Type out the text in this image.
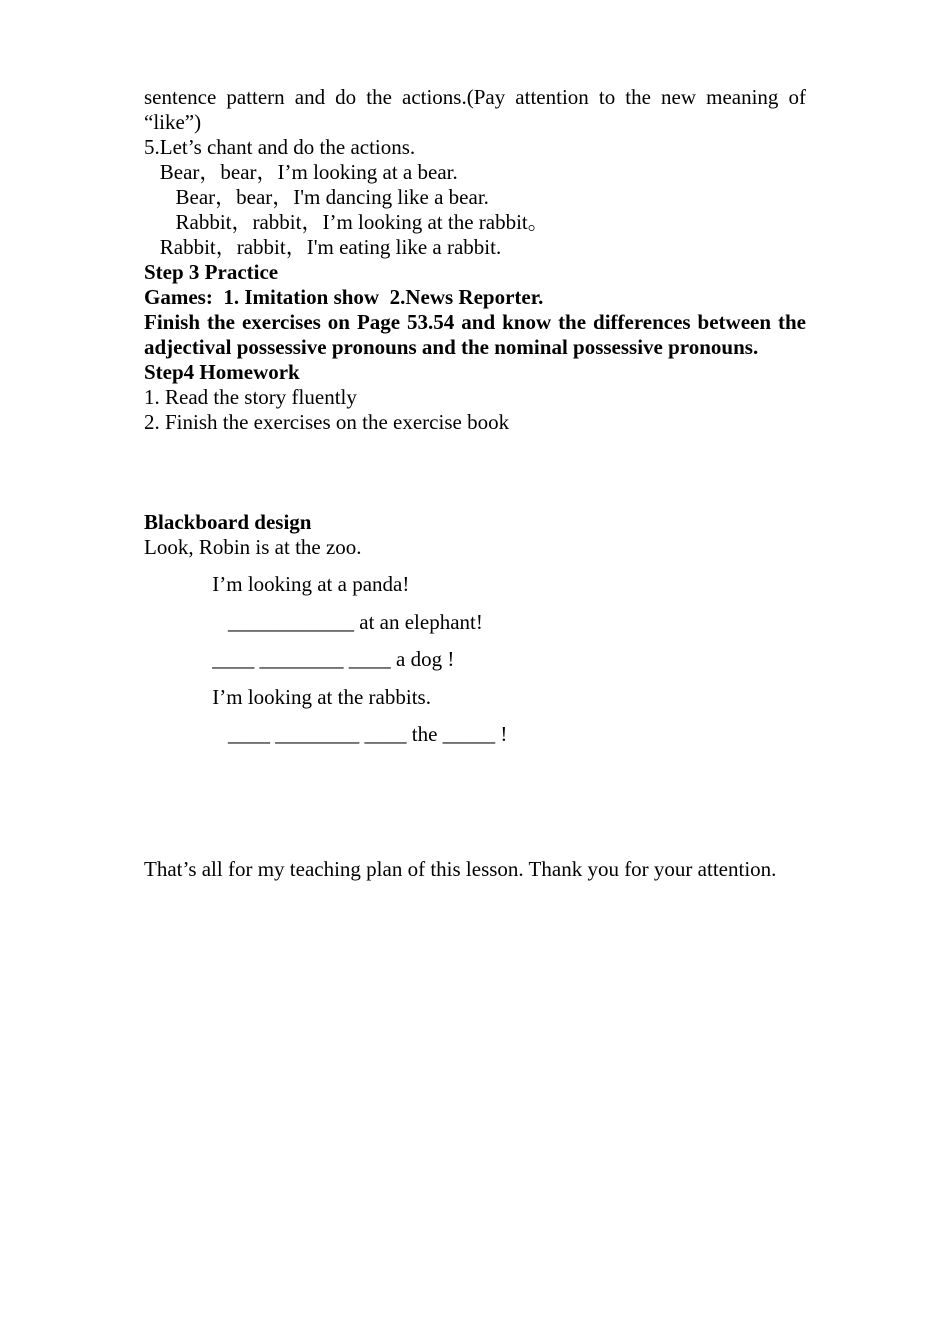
sentence pattern and do the actions.(Pay attention to the new meaning of “like”)
5.Let’s chant and do the actions.
Bear，bear，I’m looking at a bear.
Bear，bear，I'm dancing like a bear.
Rabbit，rabbit，I’m looking at the rabbit。
Rabbit，rabbit，I'm eating like a rabbit.
Step 3 Practice
Games:  1. Imitation show  2.News Reporter.
Finish the exercises on Page 53.54 and know the differences between the adjectival possessive pronouns and the nominal possessive pronouns.
Step4 Homework
1. Read the story fluently
2. Finish the exercises on the exercise book
Blackboard design
Look, Robin is at the zoo.
I’m looking at a panda!
____________ at an elephant!
____ ________ ____ a dog !
I’m looking at the rabbits.
____ ________ ____ the _____ !
That’s all for my teaching plan of this lesson. Thank you for your attention.
